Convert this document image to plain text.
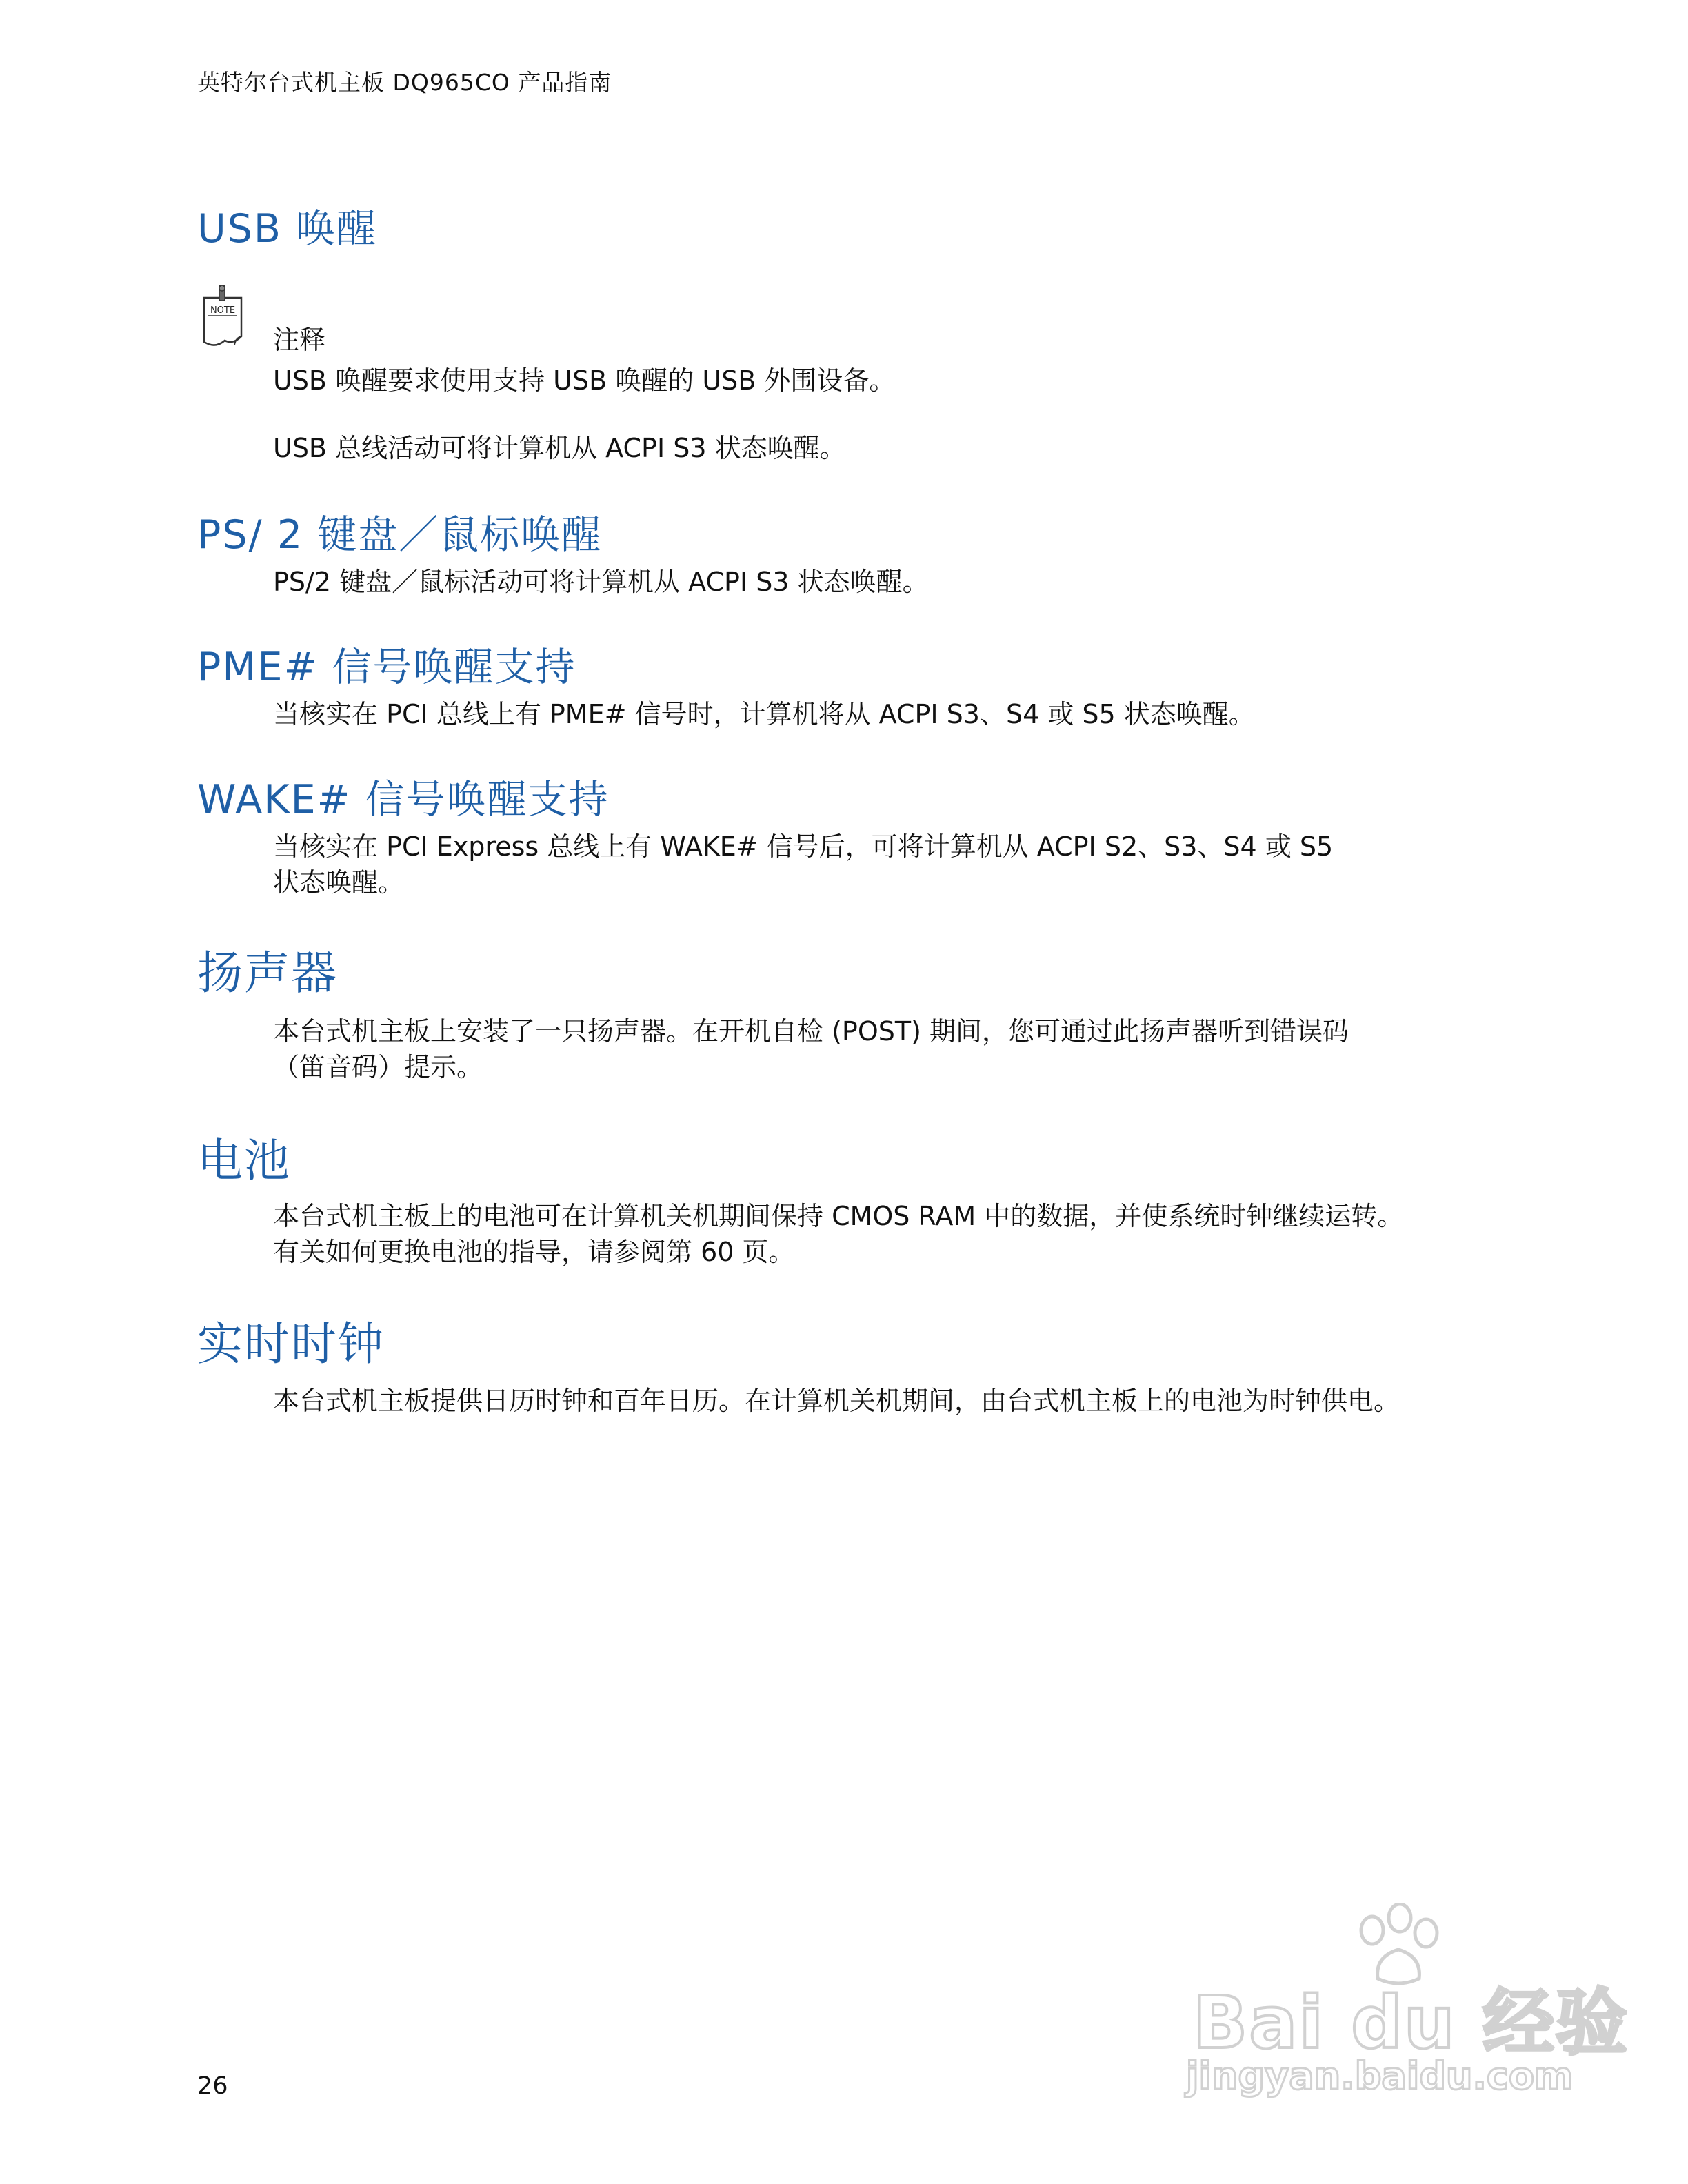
英特尔台式机主板 DQ965CO 产品指南
USB 唤醒
NOTE
注释

USB 唤醒要求使用支持 USB 唤醒的 USB 外围设备。

USB 总线活动可将计算机从 ACPI S3 状态唤醒。

PS/ 2 键盘／鼠标唤醒

PS/2 键盘／鼠标活动可将计算机从 ACPI S3 状态唤醒。

PME# 信号唤醒支持

当核实在 PCI 总线上有 PME# 信号时，计算机将从 ACPI S3、S4 或 S5 状态唤醒。

WAKE# 信号唤醒支持

当核实在 PCI Express 总线上有 WAKE# 信号后，可将计算机从 ACPI S2、S3、S4 或 S5

状态唤醒。

扬声器

本台式机主板上安装了一只扬声器。在开机自检 (POST) 期间，您可通过此扬声器听到错误码

（笛音码）提示。

电池

本台式机主板上的电池可在计算机关机期间保持 CMOS RAM 中的数据，并使系统时钟继续运转。

有关如何更换电池的指导，请参阅第 60 页。

实时时钟

本台式机主板提供日历时钟和百年日历。在计算机关机期间，由台式机主板上的电池为时钟供电。

26
Bai du 经验
jingyan.baidu.com
